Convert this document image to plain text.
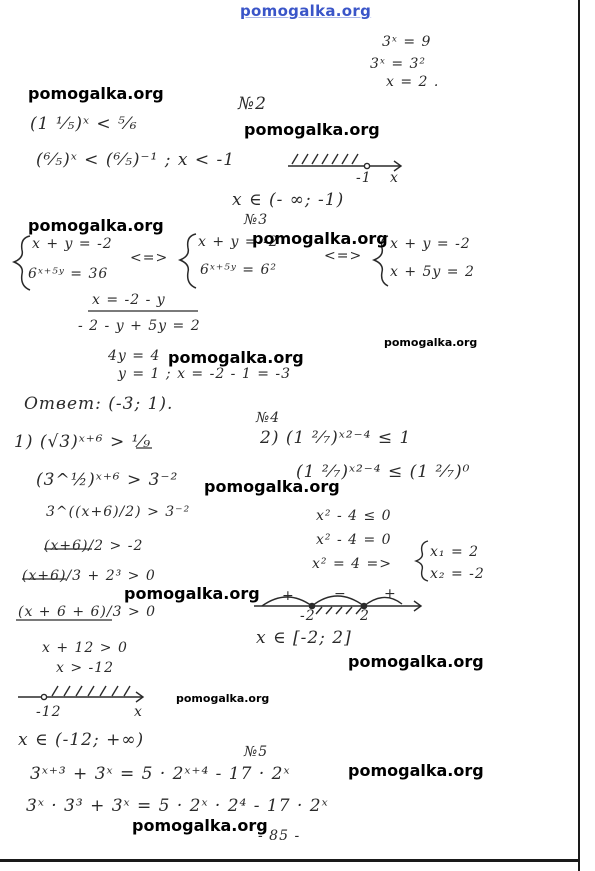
pomogalka.org
3ˣ = 9
3ˣ = 3²
x = 2 .
№2
(1 ¹⁄₅)ˣ < ⁵⁄₆
(⁶⁄₅)ˣ < (⁶⁄₅)⁻¹ ; x < -1
-1 x
x ∈ (- ∞; -1)
№3
x + y = -2
6ˣ⁺⁵ʸ = 36
<=>
x + y = -2
6ˣ⁺⁵ʸ = 6²
<=>
x + y = -2
x + 5y = 2
x = -2 - y
- 2 - y + 5y = 2
4y = 4
y = 1 ; x = -2 - 1 = -3
Ответ: (-3; 1).
1) (√3)ˣ⁺⁶ > ¹⁄₉
(3^½)ˣ⁺⁶ > 3⁻²
3^((x+6)/2) > 3⁻²
(x+6)/2 > -2
(x+6)/3 + 2³ > 0
(x + 6 + 6)/3 > 0
x + 12 > 0
x > -12
-12	x
x ∈ (-12; +∞)
№4
2) (1 ²⁄₇)ˣ²⁻⁴ ≤ 1
(1 ²⁄₇)ˣ²⁻⁴ ≤ (1 ²⁄₇)⁰
x² - 4 ≤ 0
x² - 4 = 0
x² = 4 =>
x₁ = 2
x₂ = -2
+	−	+
-2	2
x ∈ [-2; 2]
№5
3ˣ⁺³ + 3ˣ = 5 · 2ˣ⁺⁴ - 17 · 2ˣ
3ˣ · 3³ + 3ˣ = 5 · 2ˣ · 2⁴ - 17 · 2ˣ
- 85 -
pomogalka.org
pomogalka.org
pomogalka.org
pomogalka.org
pomogalka.org
pomogalka.org
pomogalka.org
pomogalka.org
pomogalka.org
pomogalka.org
pomogalka.org
pomogalka.org
